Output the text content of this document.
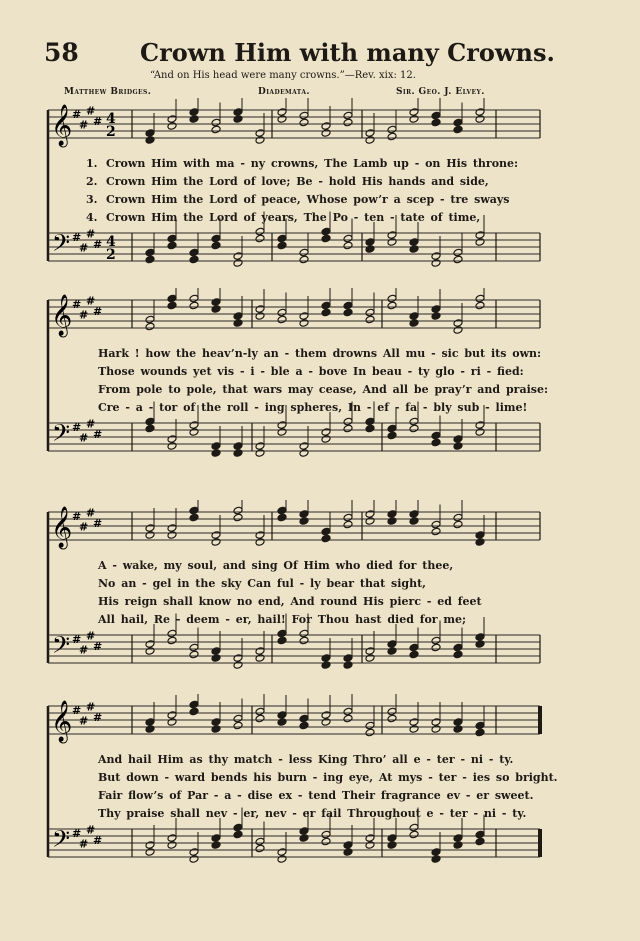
58	Crown Him with many Crowns.
“And on His head were many crowns.”—Rev. xix: 12.
Matthew Bridges.	Diademata.	Sir. Geo. J. Elvey.
𝄞
𝄢
#
#
#
#
#
#
#
#
4
2
4
2
1. Crown Him with ma - ny crowns, The Lamb up - on His throne:
2. Crown Him the Lord of love; Be - hold His hands and side,
3. Crown Him the Lord of peace, Whose pow’r a scep - tre sways
4. Crown Him the Lord of years, The Po - ten - tate of time,
𝄞
𝄢
#
#
#
#
#
#
#
#
Hark ! how the heav’n-ly an - them drowns All mu - sic but its own:
Those wounds yet vis - i - ble a - bove In beau - ty glo - ri - fied:
From pole to pole, that wars may cease, And all be pray’r and praise:
Cre - a - tor of the roll - ing spheres, In - ef - fa - bly sub - lime!
𝄞
𝄢
#
#
#
#
#
#
#
#
A - wake, my soul, and sing Of Him who died for thee,
No an - gel in the sky Can ful - ly bear that sight,
His reign shall know no end, And round His pierc - ed feet
All hail, Re - deem - er, hail! For Thou hast died for me;
𝄞
𝄢
#
#
#
#
#
#
#
#
And hail Him as thy match - less King Thro’ all e - ter - ni - ty.
But down - ward bends his burn - ing eye, At mys - ter - ies so bright.
Fair flow’s of Par - a - dise ex - tend Their fragrance ev - er sweet.
Thy praise shall nev - er, nev - er fail Throughout e - ter - ni - ty.
